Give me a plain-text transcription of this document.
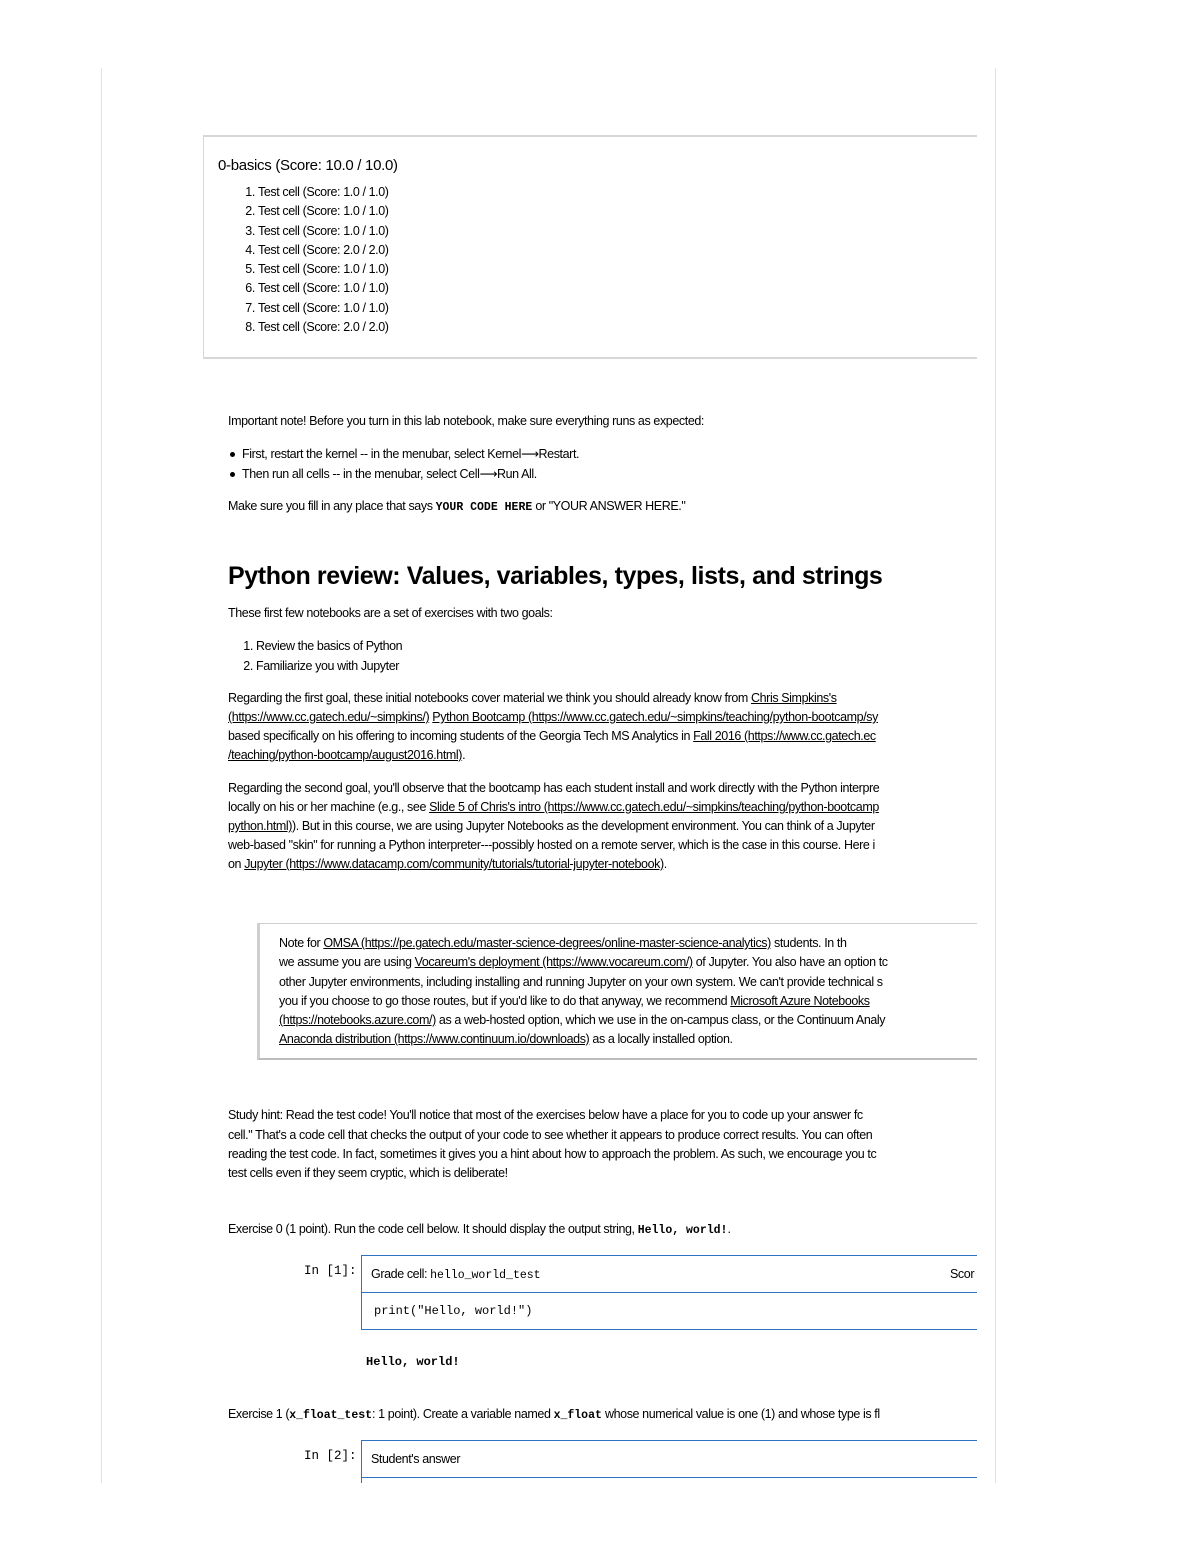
0-basics (Score: 10.0 / 10.0)
1. Test cell (Score: 1.0 / 1.0)
2. Test cell (Score: 1.0 / 1.0)
3. Test cell (Score: 1.0 / 1.0)
4. Test cell (Score: 2.0 / 2.0)
5. Test cell (Score: 1.0 / 1.0)
6. Test cell (Score: 1.0 / 1.0)
7. Test cell (Score: 1.0 / 1.0)
8. Test cell (Score: 2.0 / 2.0)
Important note! Before you turn in this lab notebook, make sure everything runs as expected:
First, restart the kernel -- in the menubar, select Kernel⟶Restart.
Then run all cells -- in the menubar, select Cell⟶Run All.
Make sure you fill in any place that says YOUR CODE HERE or "YOUR ANSWER HERE."
Python review: Values, variables, types, lists, and strings
These first few notebooks are a set of exercises with two goals:
1. Review the basics of Python
2. Familiarize you with Jupyter
Regarding the first goal, these initial notebooks cover material we think you should already know from Chris Simpkins's
(https://www.cc.gatech.edu/~simpkins/) Python Bootcamp (https://www.cc.gatech.edu/~simpkins/teaching/python-bootcamp/sy
based specifically on his offering to incoming students of the Georgia Tech MS Analytics in Fall 2016 (https://www.cc.gatech.ec
/teaching/python-bootcamp/august2016.html).
Regarding the second goal, you'll observe that the bootcamp has each student install and work directly with the Python interpre
locally on his or her machine (e.g., see Slide 5 of Chris's intro (https://www.cc.gatech.edu/~simpkins/teaching/python-bootcamp
python.html)). But in this course, we are using Jupyter Notebooks as the development environment. You can think of a Jupyter
web-based "skin" for running a Python interpreter---possibly hosted on a remote server, which is the case in this course. Here i
on Jupyter (https://www.datacamp.com/community/tutorials/tutorial-jupyter-notebook).
Study hint: Read the test code! You'll notice that most of the exercises below have a place for you to code up your answer fc
cell." That's a code cell that checks the output of your code to see whether it appears to produce correct results. You can often
reading the test code. In fact, sometimes it gives you a hint about how to approach the problem. As such, we encourage you tc
test cells even if they seem cryptic, which is deliberate!
Exercise 0 (1 point). Run the code cell below. It should display the output string, Hello, world!.
Exercise 1 (x_float_test: 1 point). Create a variable named x_float whose numerical value is one (1) and whose type is fl
Note for OMSA (https://pe.gatech.edu/master-science-degrees/online-master-science-analytics) students. In th
we assume you are using Vocareum's deployment (https://www.vocareum.com/) of Jupyter. You also have an option tc
other Jupyter environments, including installing and running Jupyter on your own system. We can't provide technical s
you if you choose to go those routes, but if you'd like to do that anyway, we recommend Microsoft Azure Notebooks
(https://notebooks.azure.com/) as a web-hosted option, which we use in the on-campus class, or the Continuum Analy
Anaconda distribution (https://www.continuum.io/downloads) as a locally installed option.
In [1]: Grade cell: hello_world_test	Scor
print("Hello, world!")
Hello, world!
In [2]: Student's answer
